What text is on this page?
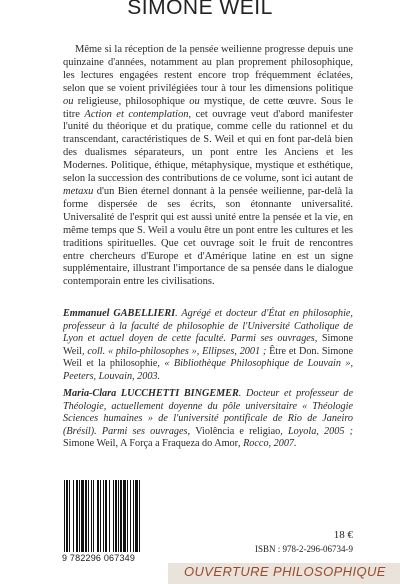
SIMONE WEIL

Même si la réception de la pensée weilienne progresse depuis une quinzaine d'années, notamment au plan proprement philosophique, les lectures engagées restent encore trop fréquemment éclatées, selon que se voient privilégiées tour à tour les dimensions politique ou religieuse, philosophique ou mystique, de cette œuvre. Sous le titre Action et contemplation, cet ouvrage veut d'abord manifester l'unité du théorique et du pratique, comme celle du rationnel et du transcendant, caractéristiques de S. Weil et qui en font par-delà bien des dualismes séparateurs, un pont entre les Anciens et les Modernes. Politique, éthique, métaphysique, mystique et esthétique, selon la succession des contributions de ce volume, sont ici autant de metaxu d'un Bien éternel donnant à la pensée weilienne, par-delà la forme dispersée de ses écrits, son étonnante universalité. Universalité de l'esprit qui est aussi unité entre la pensée et la vie, en même temps que S. Weil a voulu être un pont entre les cultures et les traditions spirituelles. Que cet ouvrage soit le fruit de rencontres entre chercheurs d'Europe et d'Amérique latine en est un signe supplémentaire, illustrant l'importance de sa pensée dans le dialogue contemporain entre les civilisations.

Emmanuel GABELLIERI. Agrégé et docteur d'État en philosophie, professeur à la faculté de philosophie de l'Université Catholique de Lyon et actuel doyen de cette faculté. Parmi ses ouvrages, Simone Weil, coll. « philo-philosophes », Ellipses, 2001 ; Être et Don. Simone Weil et la philosophie, « Bibliothèque Philosophique de Louvain », Peeters, Louvain, 2003.

Maria-Clara LUCCHETTI BINGEMER. Docteur et professeur de Théologie, actuellement doyenne du pôle universitaire « Théologie Sciences humaines » de l'université pontificale de Rio de Janeiro (Brésil). Parmi ses ouvrages, Violência e religiao, Loyola, 2005 ; Simone Weil, A Força a Fraqueza do Amor, Rocco, 2007.

9 782296 067349
18 €
ISBN : 978-2-296-06734-9
OUVERTURE PHILOSOPHIQUE
